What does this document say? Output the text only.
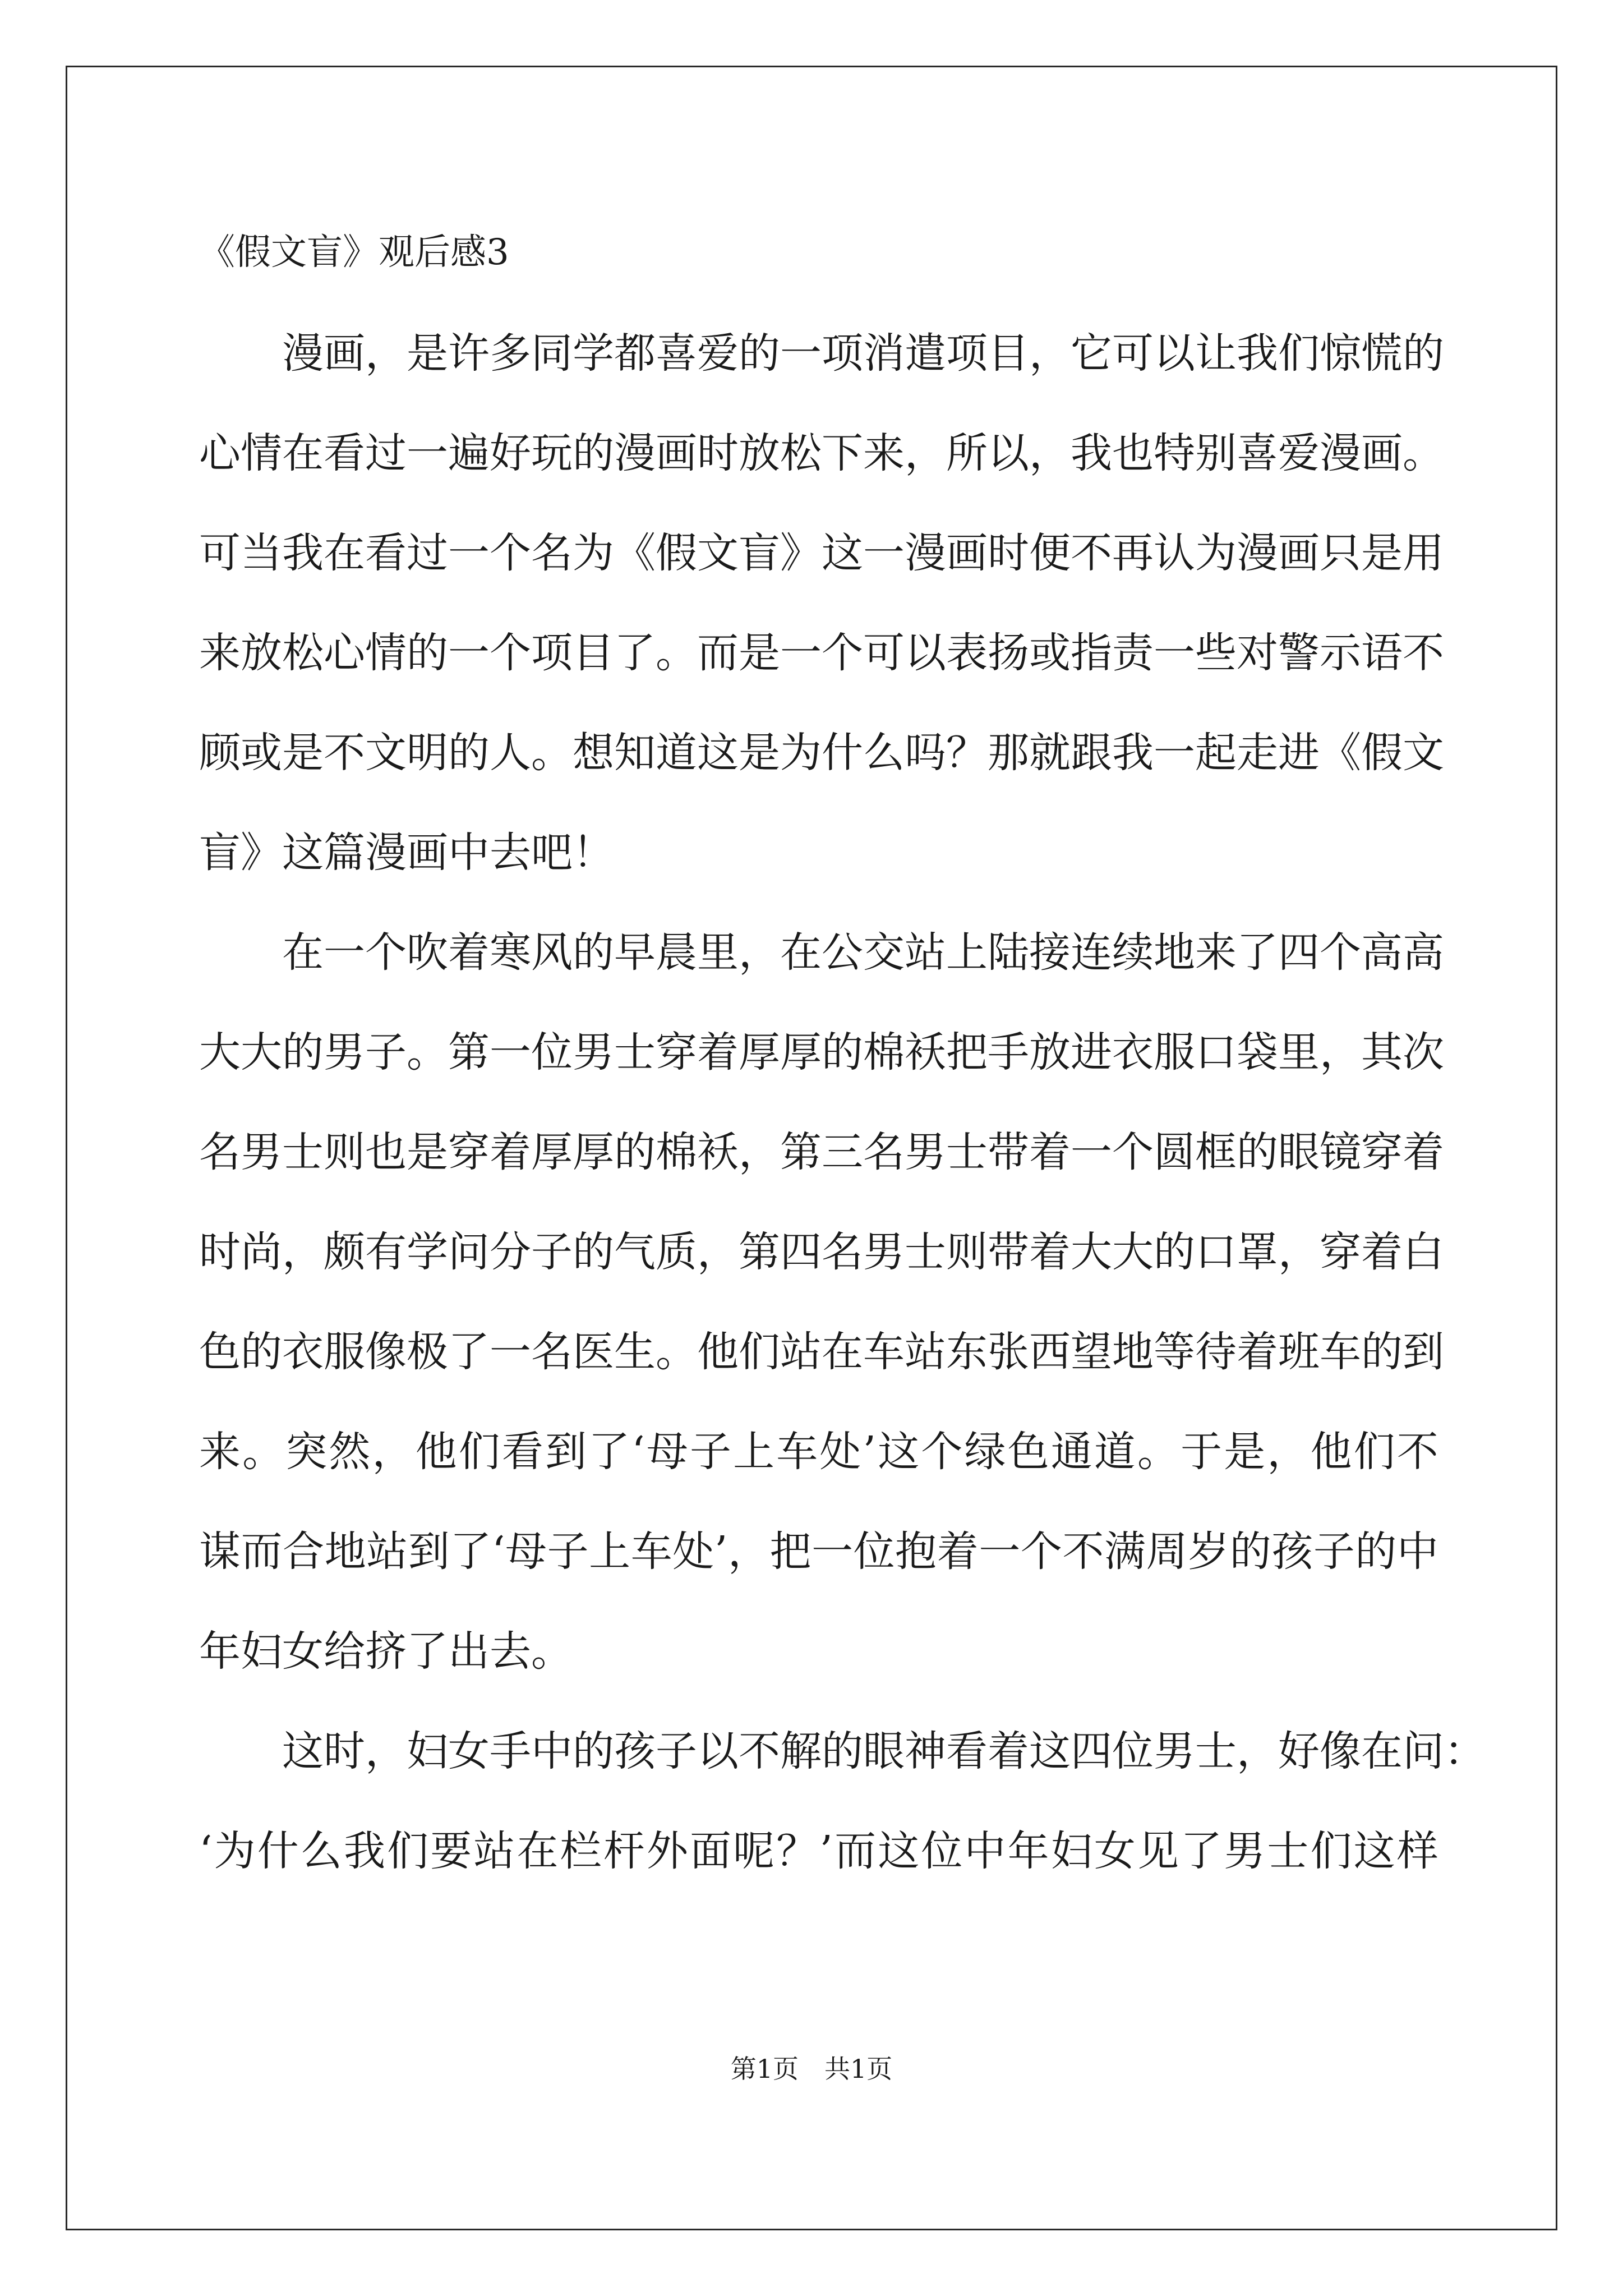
《假文盲》观后感3
漫 画 ， 是 许 多 同 学 都 喜 爱 的 一 项 消 遣 项 目 ， 它 可 以 让 我 们 惊 慌 的
心 情 在 看 过 一 遍 好 玩 的 漫 画 时 放 松 下 来 ， 所 以 ， 我 也 特 别 喜 爱 漫 画 。
可 当 我 在 看 过 一 个 名 为 《 假 文 盲 》 这 一 漫 画 时 便 不 再 认 为 漫 画 只 是 用
来 放 松 心 情 的 一 个 项 目 了 。 而 是 一 个 可 以 表 扬 或 指 责 一 些 对 警 示 语 不
顾 或 是 不 文 明 的 人 。 想 知 道 这 是 为 什 么 吗 ？ 那 就 跟 我 一 起 走 进 《 假 文
盲 》 这 篇 漫 画 中 去 吧 ！
在 一 个 吹 着 寒 风 的 早 晨 里 ， 在 公 交 站 上 陆 接 连 续 地 来 了 四 个 高 高
大 大 的 男 子 。 第 一 位 男 士 穿 着 厚 厚 的 棉 袄 把 手 放 进 衣 服 口 袋 里 ， 其 次
名 男 士 则 也 是 穿 着 厚 厚 的 棉 袄 ， 第 三 名 男 士 带 着 一 个 圆 框 的 眼 镜 穿 着
时 尚 ， 颇 有 学 问 分 子 的 气 质 ， 第 四 名 男 士 则 带 着 大 大 的 口 罩 ， 穿 着 白
色 的 衣 服 像 极 了 一 名 医 生 。 他 们 站 在 车 站 东 张 西 望 地 等 待 着 班 车 的 到
来 。 突 然 ， 他 们 看 到 了 ‘ 母 子 上 车 处 ’ 这 个 绿 色 通 道 。 于 是 ， 他 们 不
谋 而 合 地 站 到 了 ‘ 母 子 上 车 处 ’ ， 把 一 位 抱 着 一 个 不 满 周 岁 的 孩 子 的 中
年 妇 女 给 挤 了 出 去 。
这 时 ， 妇 女 手 中 的 孩 子 以 不 解 的 眼 神 看 着 这 四 位 男 士 ， 好 像 在 问 ：
‘ 为 什 么 我 们 要 站 在 栏 杆 外 面 呢 ？ ’ 而 这 位 中 年 妇 女 见 了 男 士 们 这 样
第1页　共1页
